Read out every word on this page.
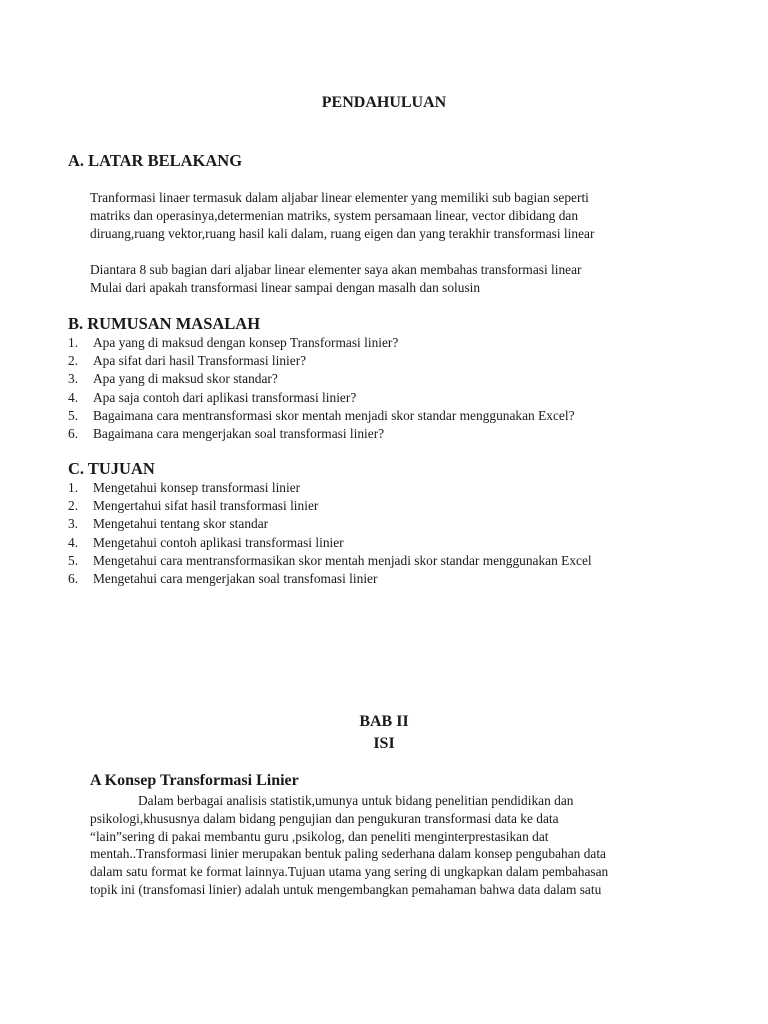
PENDAHULUAN
A. LATAR BELAKANG
Tranformasi linaer termasuk dalam aljabar linear elementer yang memiliki sub bagian seperti
matriks dan operasinya,determenian matriks, system persamaan linear, vector dibidang dan
diruang,ruang vektor,ruang hasil kali dalam, ruang eigen dan yang terakhir transformasi linear
Diantara 8 sub bagian dari aljabar linear elementer saya akan membahas transformasi linear
Mulai dari apakah transformasi linear sampai dengan masalh dan solusin
B. RUMUSAN MASALAH
1. Apa yang di maksud dengan konsep Transformasi linier?
2. Apa sifat dari hasil Transformasi linier?
3. Apa yang di maksud skor standar?
4. Apa saja contoh dari aplikasi transformasi linier?
5. Bagaimana cara mentransformasi skor mentah menjadi skor standar menggunakan Excel?
6. Bagaimana cara mengerjakan soal transformasi linier?
C. TUJUAN
1. Mengetahui konsep transformasi linier
2. Mengertahui sifat hasil transformasi linier
3. Mengetahui tentang skor standar
4. Mengetahui contoh aplikasi transformasi linier
5. Mengetahui cara mentransformasikan skor mentah menjadi skor standar menggunakan Excel
6. Mengetahui cara mengerjakan soal transfomasi linier
BAB II
ISI
A Konsep Transformasi Linier
Dalam berbagai analisis statistik,umunya untuk bidang penelitian pendidikan dan
psikologi,khususnya dalam bidang pengujian dan pengukuran transformasi data ke data
“lain”sering di pakai membantu guru ,psikolog, dan peneliti menginterprestasikan dat
mentah..Transformasi linier merupakan bentuk paling sederhana dalam konsep pengubahan data
dalam satu format ke format lainnya.Tujuan utama yang sering di ungkapkan dalam pembahasan
topik ini (transfomasi linier) adalah untuk mengembangkan pemahaman bahwa data dalam satu
